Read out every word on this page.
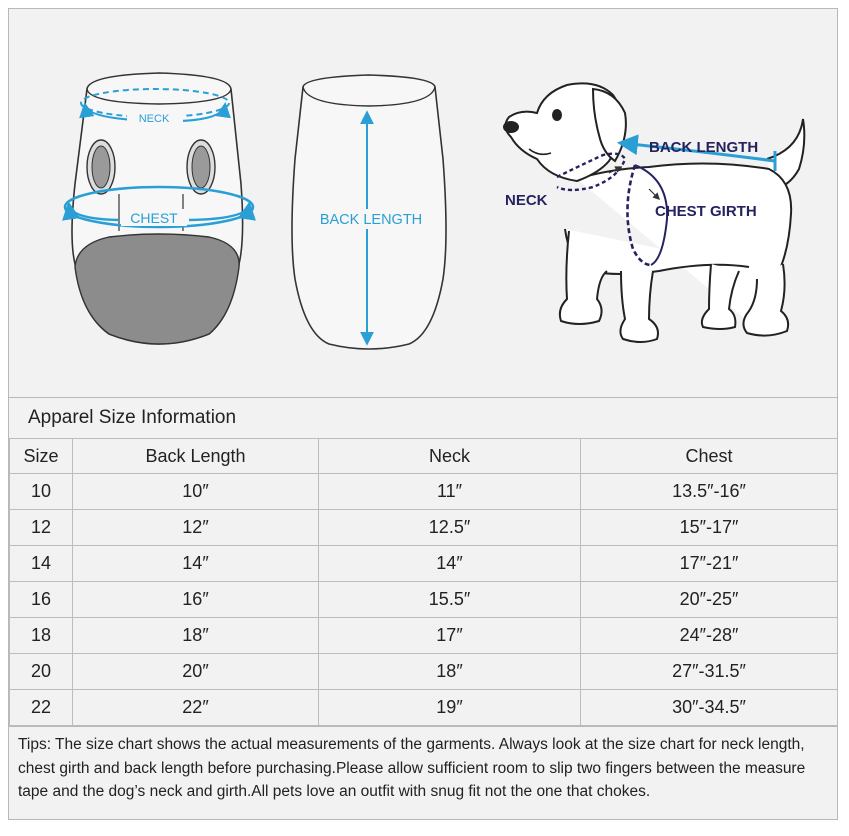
NECK
CHEST	BACK LENGTH
BACK LENGTH
NECK
CHEST GIRTH
Apparel Size Information
Size	Back Length	Neck	Chest
10	10″	11″	13.5″-16″
12	12″	12.5″	15″-17″
14	14″	14″	17″-21″
16	16″	15.5″	20″-25″
18	18″	17″	24″-28″
20	20″	18″	27″-31.5″
22	22″	19″	30″-34.5″
Tips: The size chart shows the actual measurements of the garments. Always look at the size chart for neck length, chest girth and back length before purchasing.Please allow sufficient room to slip two fingers between the measure tape and the dog’s neck and girth.All pets love an outfit with snug fit not the one that chokes.
